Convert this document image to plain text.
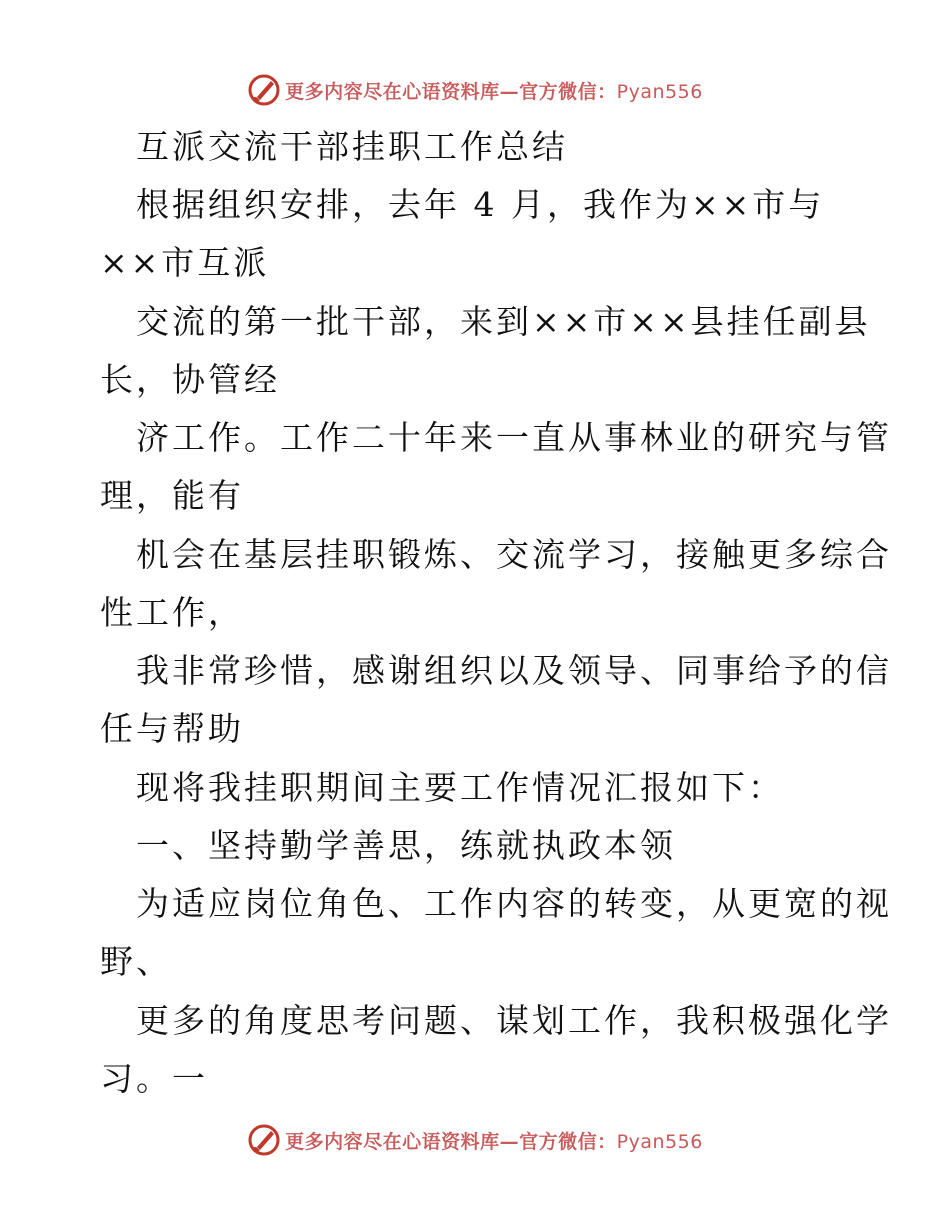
更多内容尽在心语资料库—官方微信：Pyan556
互派交流干部挂职工作总结
根据组织安排，去年 4 月，我作为××市与
××市互派
交流的第一批干部，来到××市××县挂任副县
长，协管经
济工作。工作二十年来一直从事林业的研究与管
理，能有
机会在基层挂职锻炼、交流学习，接触更多综合
性工作，
我非常珍惜，感谢组织以及领导、同事给予的信
任与帮助
现将我挂职期间主要工作情况汇报如下：
一、坚持勤学善思，练就执政本领
为适应岗位角色、工作内容的转变，从更宽的视
野、
更多的角度思考问题、谋划工作，我积极强化学
习。一
更多内容尽在心语资料库—官方微信：Pyan556
